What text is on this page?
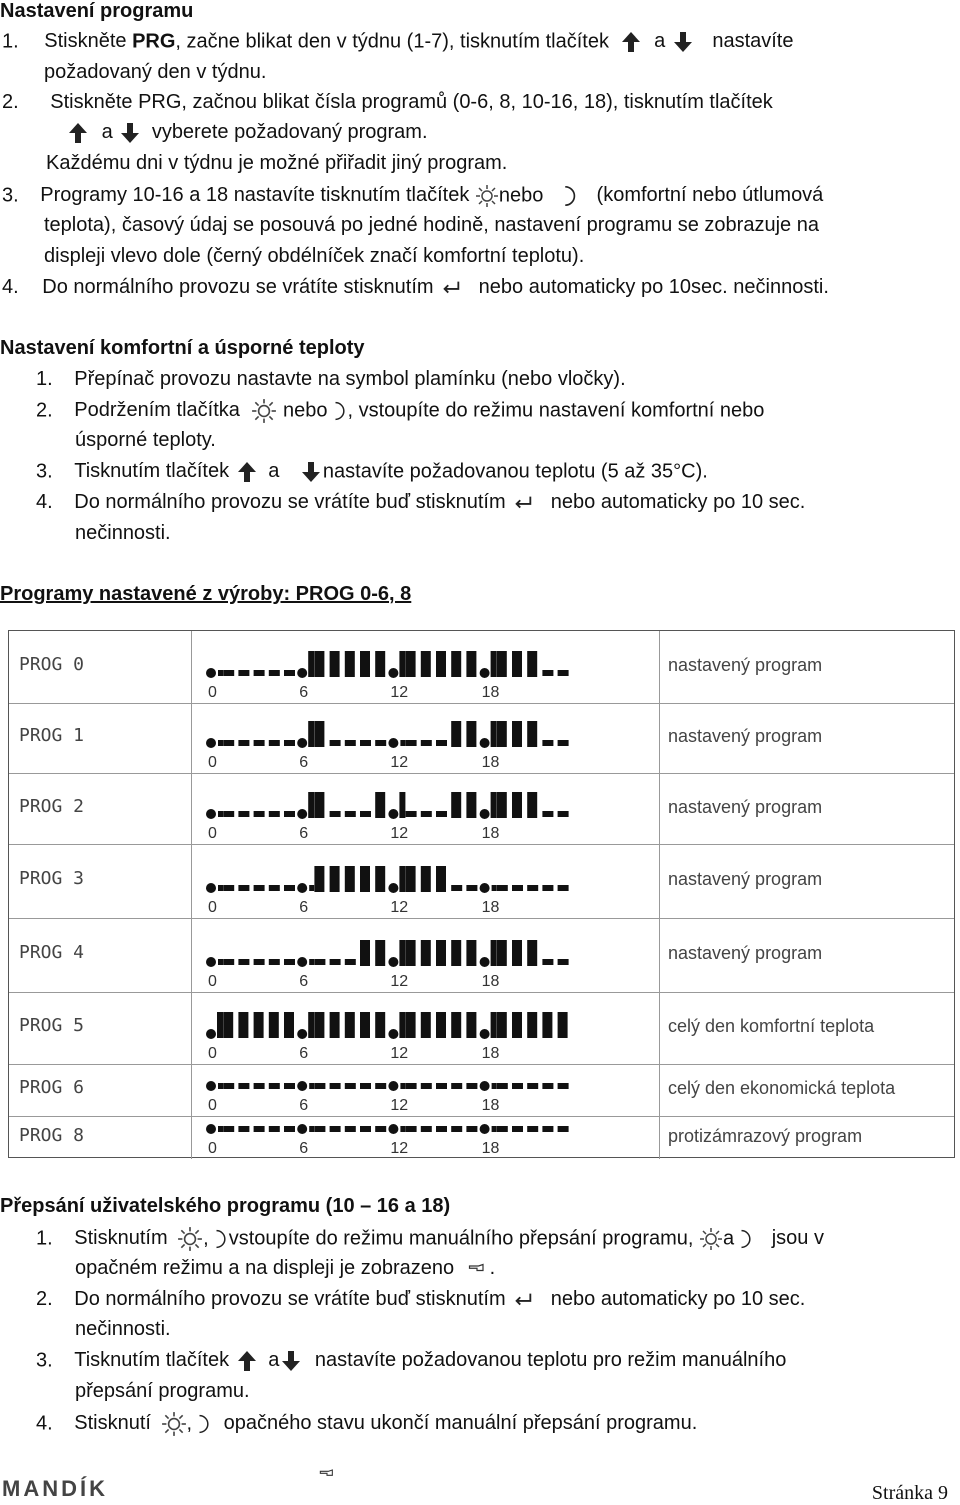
Nastavení programu
1. Stiskněte PRG, začne blikat den v týdnu (1-7), tisknutím tlačítek a nastavíte
požadovaný den v týdnu.
2. Stiskněte PRG, začnou blikat čísla programů (0-6, 8, 10-16, 18), tisknutím tlačítek
a vyberete požadovaný program.
Každému dni v týdnu je možné přiřadit jiný program.
3. Programy 10-16 a 18 nastavíte tisknutím tlačítek nebo	(komfortní nebo útlumová
teplota), časový údaj se posouvá po jedné hodině, nastavení programu se zobrazuje na
displeji vlevo dole (černý obdélníček značí komfortní teplotu).
4. Do normálního provozu se vrátíte stisknutím nebo automaticky po 10sec. nečinnosti.
Nastavení komfortní a úsporné teploty
1. Přepínač provozu nastavte na symbol plamínku (nebo vločky).
2. Podržením tlačítka nebo , vstoupíte do režimu nastavení komfortní nebo
úsporné teploty.
3. Tisknutím tlačítek a nastavíte požadovanou teplotu (5 až 35°C).
4. Do normálního provozu se vrátíte buď stisknutím nebo automaticky po 10 sec.
nečinnosti.
Programy nastavené z výroby: PROG 0-6, 8
PROG 0
0	6	12	18
nastavený program
PROG 1
0	6	12	18
nastavený program
PROG 2
0	6	12	18
nastavený program
PROG 3
0	6	12	18
nastavený program
PROG 4
0	6	12	18
nastavený program
PROG 5
0	6	12	18
celý den komfortní teplota
PROG 6
0	6	12	18
celý den ekonomická teplota
PROG 8
0	6	12	18
protizámrazový program
Přepsání uživatelského programu (10 – 16 a 18)
1. Stisknutím , vstoupíte do režimu manuálního přepsání programu, a jsou v
opačném režimu a na displeji je zobrazeno .
2. Do normálního provozu se vrátíte buď stisknutím nebo automaticky po 10 sec.
nečinnosti.
3. Tisknutím tlačítek a nastavíte požadovanou teplotu pro režim manuálního
přepsání programu.
4. Stisknutí , opačného stavu ukončí manuální přepsání programu.
MANDÍK	Stránka 9
